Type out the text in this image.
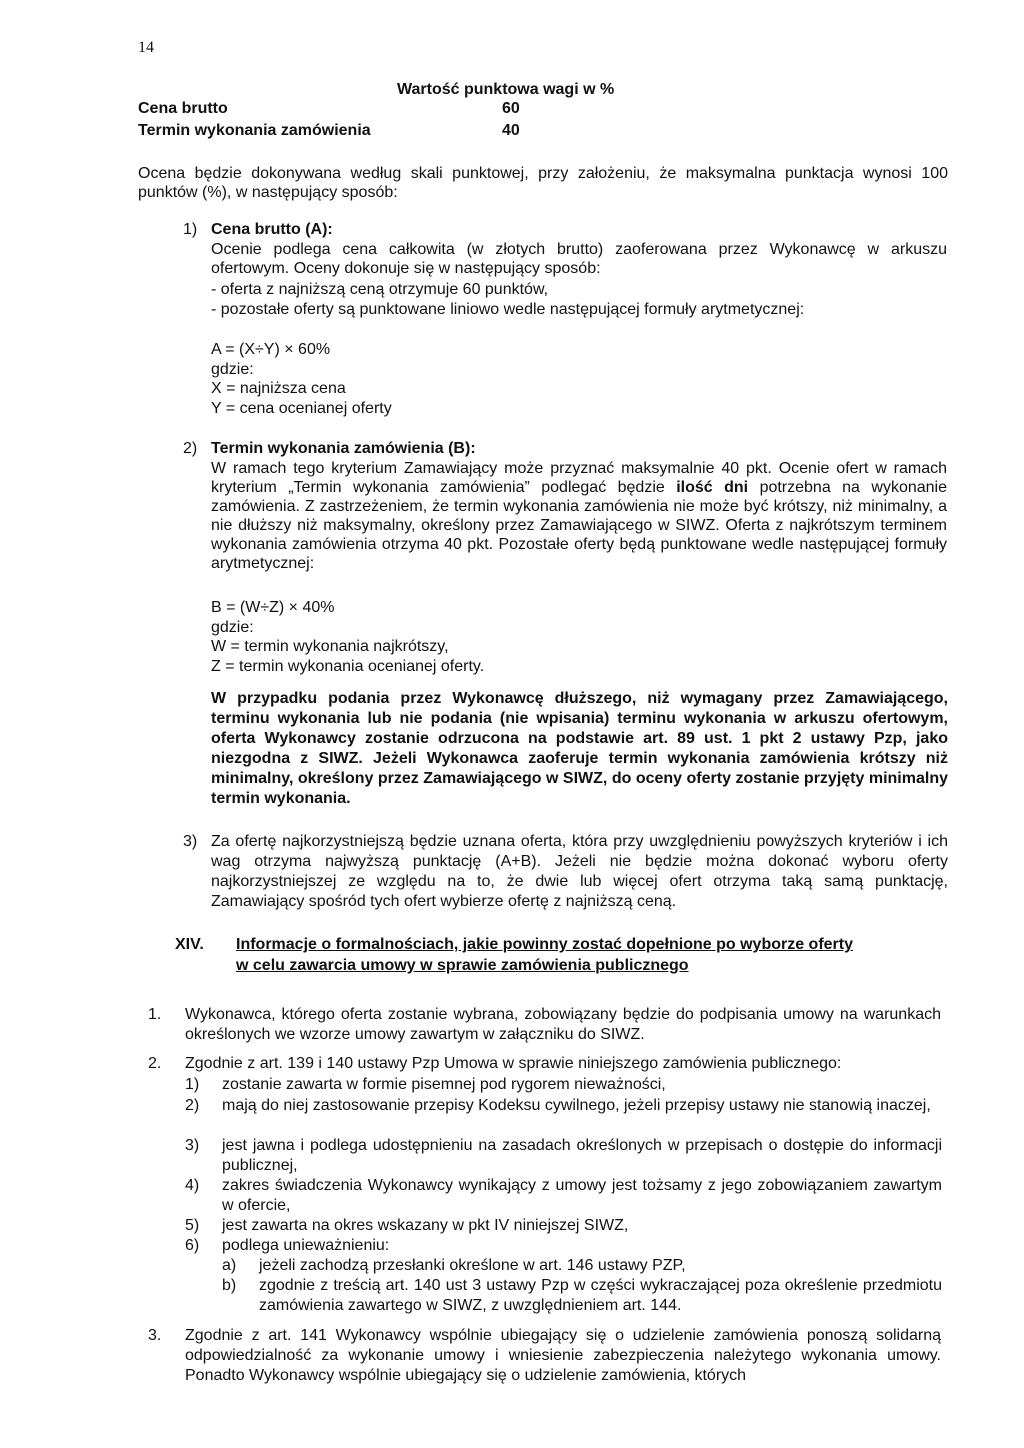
14
Wartość punktowa wagi w %
Cena brutto	60
Termin wykonania zamówienia	40
Ocena będzie dokonywana według skali punktowej, przy założeniu, że maksymalna punktacja wynosi 100 punktów (%), w następujący sposób:
1) Cena brutto (A):
Ocenie podlega cena całkowita (w złotych brutto) zaoferowana przez Wykonawcę w arkuszu ofertowym. Oceny dokonuje się w następujący sposób:
- oferta z najniższą ceną otrzymuje 60 punktów,
- pozostałe oferty są punktowane liniowo wedle następującej formuły arytmetycznej:
A = (X÷Y) × 60%
gdzie:
X = najniższa cena
Y = cena ocenianej oferty
2) Termin wykonania zamówienia (B):
W ramach tego kryterium Zamawiający może przyznać maksymalnie 40 pkt. Ocenie ofert w ramach kryterium „Termin wykonania zamówienia” podlegać będzie ilość dni potrzebna na wykonanie zamówienia. Z zastrzeżeniem, że termin wykonania zamówienia nie może być krótszy, niż minimalny, a nie dłuższy niż maksymalny, określony przez Zamawiającego w SIWZ. Oferta z najkrótszym terminem wykonania zamówienia otrzyma 40 pkt. Pozostałe oferty będą punktowane wedle następującej formuły arytmetycznej:
B = (W÷Z) × 40%
gdzie:
W = termin wykonania najkrótszy,
Z = termin wykonania ocenianej oferty.
W przypadku podania przez Wykonawcę dłuższego, niż wymagany przez Zamawiającego, terminu wykonania lub nie podania (nie wpisania) terminu wykonania w arkuszu ofertowym, oferta Wykonawcy zostanie odrzucona na podstawie art. 89 ust. 1 pkt 2 ustawy Pzp, jako niezgodna z SIWZ. Jeżeli Wykonawca zaoferuje termin wykonania zamówienia krótszy niż minimalny, określony przez Zamawiającego w SIWZ, do oceny oferty zostanie przyjęty minimalny termin wykonania.
3) Za ofertę najkorzystniejszą będzie uznana oferta, która przy uwzględnieniu powyższych kryteriów i ich wag otrzyma najwyższą punktację (A+B). Jeżeli nie będzie można dokonać wyboru oferty najkorzystniejszej ze względu na to, że dwie lub więcej ofert otrzyma taką samą punktację, Zamawiający spośród tych ofert wybierze ofertę z najniższą ceną.
XIV. Informacje o formalnościach, jakie powinny zostać dopełnione po wyborze oferty
w celu zawarcia umowy w sprawie zamówienia publicznego
1. Wykonawca, którego oferta zostanie wybrana, zobowiązany będzie do podpisania umowy na warunkach określonych we wzorze umowy zawartym w załączniku do SIWZ.
2. Zgodnie z art. 139 i 140 ustawy Pzp Umowa w sprawie niniejszego zamówienia publicznego:
1) zostanie zawarta w formie pisemnej pod rygorem nieważności,
2) mają do niej zastosowanie przepisy Kodeksu cywilnego, jeżeli przepisy ustawy nie stanowią inaczej,
3) jest jawna i podlega udostępnieniu na zasadach określonych w przepisach o dostępie do informacji publicznej,
4) zakres świadczenia Wykonawcy wynikający z umowy jest tożsamy z jego zobowiązaniem zawartym w ofercie,
5) jest zawarta na okres wskazany w pkt IV niniejszej SIWZ,
6) podlega unieważnieniu:
a) jeżeli zachodzą przesłanki określone w art. 146 ustawy PZP,
b) zgodnie z treścią art. 140 ust 3 ustawy Pzp w części wykraczającej poza określenie przedmiotu zamówienia zawartego w SIWZ, z uwzględnieniem art. 144.
3. Zgodnie z art. 141 Wykonawcy wspólnie ubiegający się o udzielenie zamówienia ponoszą solidarną odpowiedzialność za wykonanie umowy i wniesienie zabezpieczenia należytego wykonania umowy. Ponadto Wykonawcy wspólnie ubiegający się o udzielenie zamówienia, których
